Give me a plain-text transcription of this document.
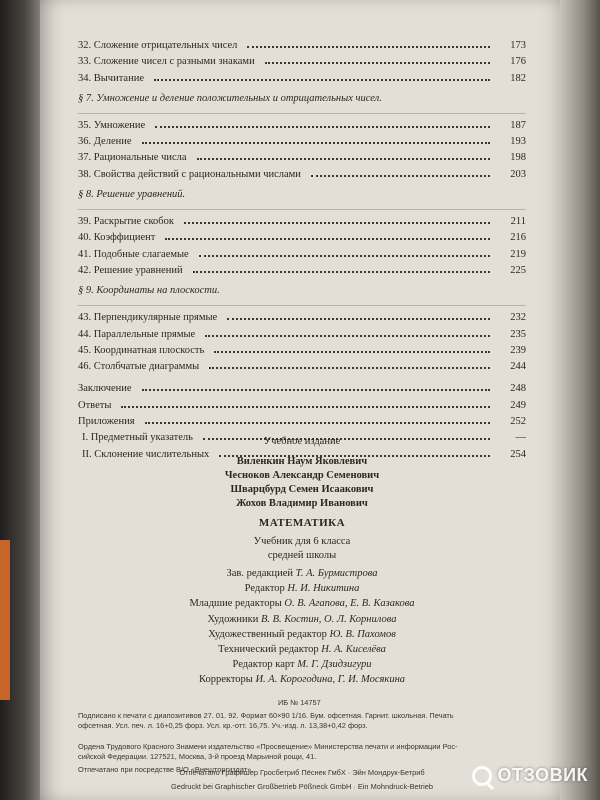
32. Сложение отрицательных чисел	173
33. Сложение чисел с разными знаками	176
34. Вычитание	182
§ 7. Умножение и деление положительных и отрицательных чисел.
35. Умножение	187
36. Деление	193
37. Рациональные числа	198
38. Свойства действий с рациональными числами	203
§ 8. Решение уравнений.
39. Раскрытие скобок	211
40. Коэффициент	216
41. Подобные слагаемые	219
42. Решение уравнений	225
§ 9. Координаты на плоскости.
43. Перпендикулярные прямые	232
44. Параллельные прямые	235
45. Координатная плоскость	239
46. Столбчатые диаграммы	244
Заключение	248
Ответы	249
Приложения	252
I. Предметный указатель	—
II. Склонение числительных	254
Учебное издание
Виленкин Наум Яковлевич
Чесноков Александр Семенович
Шварцбурд Семен Исаакович
Жохов Владимир Иванович
МАТЕМАТИКА
Учебник для 6 класса
средней школы
Зав. редакцией Т. А. Бурмистрова
Редактор Н. И. Никитина
Младшие редакторы О. В. Агапова, Е. В. Казакова
Художники В. В. Костин, О. Л. Корнилова
Художественный редактор Ю. В. Пахомов
Технический редактор Н. А. Киселёва
Редактор карт М. Г. Дзидзигури
Корректоры И. А. Корогодина, Г. И. Мосякина
ИБ № 14757
Подписано к печати с диапозитивов 27. 01. 92. Формат 60×90 1/16. Бум. офсетная. Гарнит. школьная. Печать
офсетная. Усл. печ. л. 16+0,25 форз. Усл. кр.-отт. 16,75. Уч.-изд. л. 13,38+0,42 форз.
Ордена Трудового Красного Знамени издательство «Просвещение» Министерства печати и информации Рос-
сийской Федерации. 127521, Москва, 3-й проезд Марьиной рощи, 41.
Отпечатано при посредстве В/О «Внешторгиздат».
Отпечатано Графишер Гросбетриб Пёснек ГмбХ · Эйн Мондрук-Бетриб
Gedruckt bei Graphischer Großbetrieb Pößneck GmbH · Ein Mohndruck-Betrieb
ОТЗОВИК
